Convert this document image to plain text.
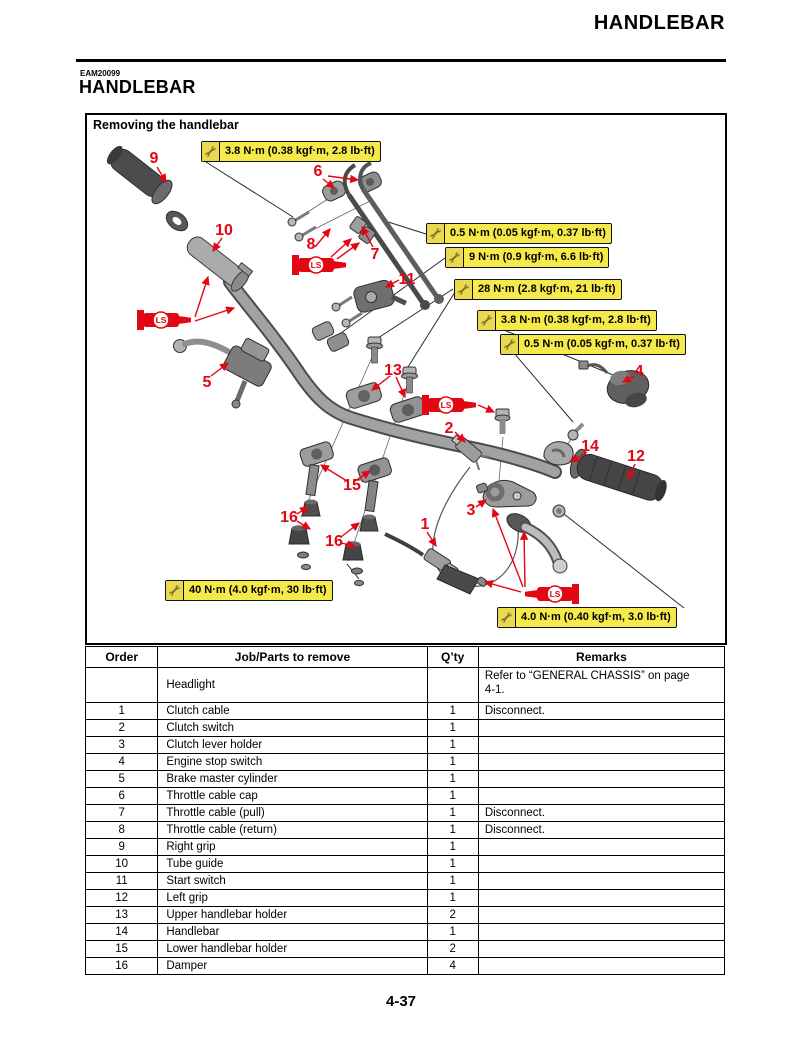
HANDLEBAR
EAM20099
HANDLEBAR
LS
LS
LS
LS
Removing the handlebar
3.8 N·m (0.38 kgf·m, 2.8 lb·ft)
0.5 N·m (0.05 kgf·m, 0.37 lb·ft)
9 N·m (0.9 kgf·m, 6.6 lb·ft)
28 N·m (2.8 kgf·m, 21 lb·ft)
3.8 N·m (0.38 kgf·m, 2.8 lb·ft)
0.5 N·m (0.05 kgf·m, 0.37 lb·ft)
40 N·m (4.0 kgf·m, 30 lb·ft)
4.0 N·m (0.40 kgf·m, 3.0 lb·ft)
9
6
10
8
7
11
5
13
2
14
12
15
16
16
3
1
4
Order	Job/Parts to remove	Q’ty	Remarks
	Headlight		Refer to “GENERAL CHASSIS” on page 4-1.
1	Clutch cable	1	Disconnect.
2	Clutch switch	1	
3	Clutch lever holder	1	
4	Engine stop switch	1	
5	Brake master cylinder	1	
6	Throttle cable cap	1	
7	Throttle cable (pull)	1	Disconnect.
8	Throttle cable (return)	1	Disconnect.
9	Right grip	1	
10	Tube guide	1	
11	Start switch	1	
12	Left grip	1	
13	Upper handlebar holder	2	
14	Handlebar	1	
15	Lower handlebar holder	2	
16	Damper	4	
4-37
